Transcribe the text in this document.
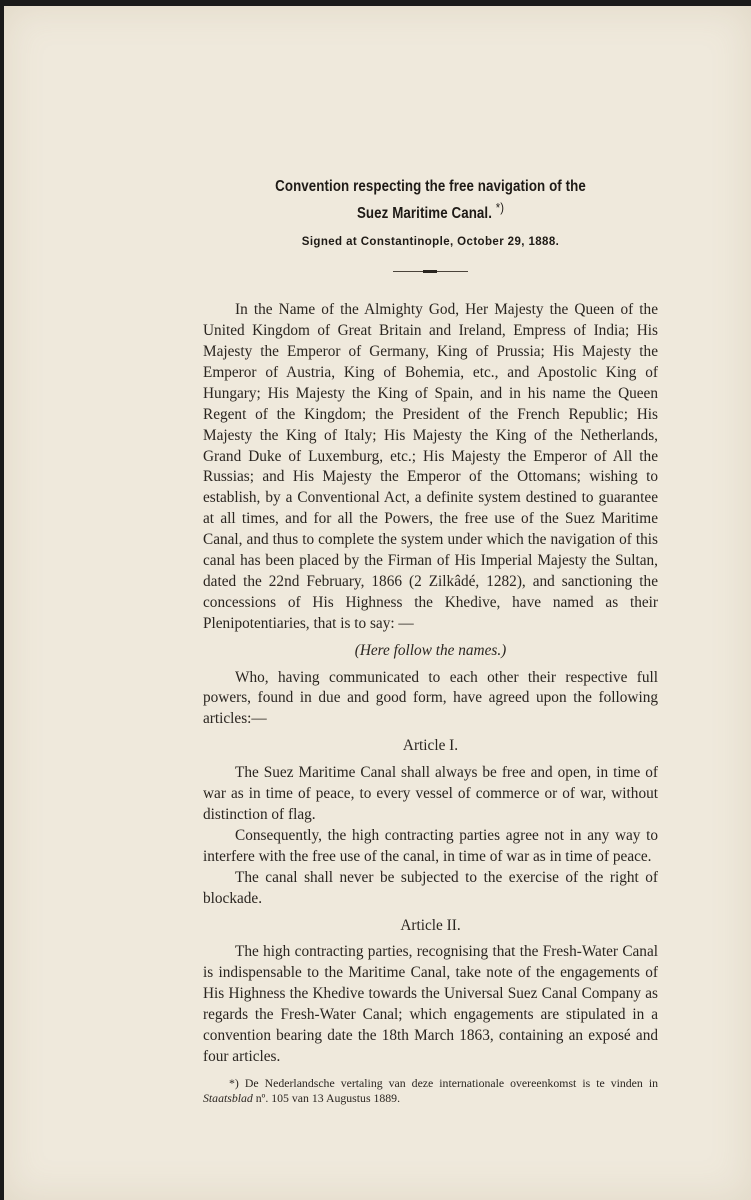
Convention respecting the free navigation of the
Suez Maritime Canal. *)
Signed at Constantinople, October 29, 1888.

In the Name of the Almighty God, Her Majesty the Queen of the United Kingdom of Great Britain and Ireland, Empress of India; His Majesty the Emperor of Germany, King of Prussia; His Majesty the Emperor of Austria, King of Bohemia, etc., and Apostolic King of Hungary; His Majesty the King of Spain, and in his name the Queen Regent of the Kingdom; the President of the French Republic; His Majesty the King of Italy; His Majesty the King of the Netherlands, Grand Duke of Luxemburg, etc.; His Majesty the Emperor of All the Russias; and His Majesty the Emperor of the Ottomans; wishing to establish, by a Conventional Act, a definite system destined to guarantee at all times, and for all the Powers, the free use of the Suez Maritime Canal, and thus to complete the system under which the navigation of this canal has been placed by the Firman of His Imperial Majesty the Sultan, dated the 22nd February, 1866 (2 Zilkâdé, 1282), and sanctioning the concessions of His Highness the Khedive, have named as their Plenipotentiaries, that is to say: —

(Here follow the names.)

Who, having communicated to each other their respective full powers, found in due and good form, have agreed upon the following articles:—

Article I.

The Suez Maritime Canal shall always be free and open, in time of war as in time of peace, to every vessel of commerce or of war, without distinction of flag.

Consequently, the high contracting parties agree not in any way to interfere with the free use of the canal, in time of war as in time of peace.

The canal shall never be subjected to the exercise of the right of blockade.

Article II.

The high contracting parties, recognising that the Fresh-Water Canal is indispensable to the Maritime Canal, take note of the engagements of His Highness the Khedive towards the Universal Suez Canal Company as regards the Fresh-Water Canal; which engagements are stipulated in a convention bearing date the 18th March 1863, containing an exposé and four articles.

*) De Nederlandsche vertaling van deze internationale overeenkomst is te vinden in Staatsblad nº. 105 van 13 Augustus 1889.
